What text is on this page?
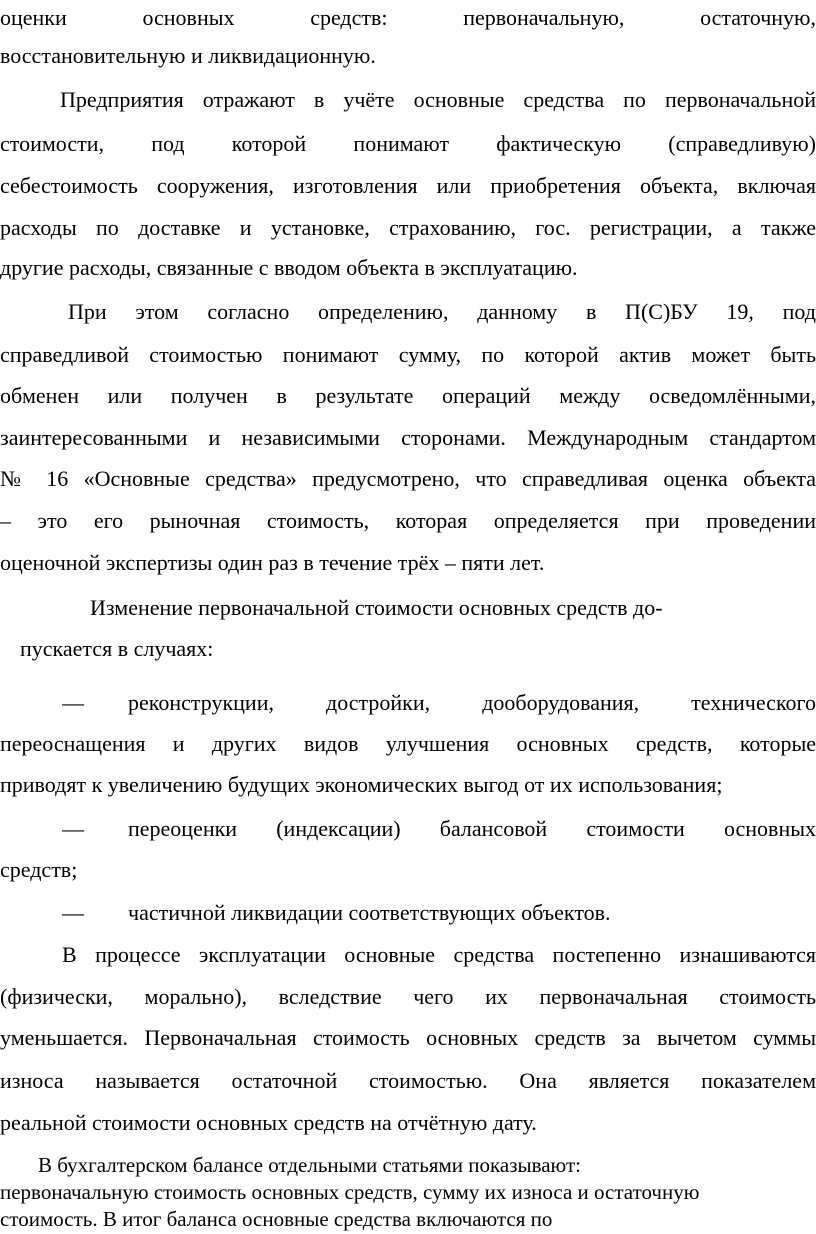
оценки основных средств: первоначальную, остаточную,
восстановительную и ликвидационную.
Предприятия отражают в учёте основные средства по первоначальной
стоимости, под которой понимают фактическую (справедливую)
себестоимость сооружения, изготовления или приобретения объекта, включая
расходы по доставке и установке, страхованию, гос. регистрации, а также
другие расходы, связанные с вводом объекта в эксплуатацию.
При этом согласно определению, данному в П(С)БУ 19, под
справедливой стоимостью понимают сумму, по которой актив может быть
обменен или получен в результате операций между осведомлёнными,
заинтересованными и независимыми сторонами. Международным стандартом
№ 16 «Основные средства» предусмотрено, что справедливая оценка объекта
– это его рыночная стоимость, которая определяется при проведении
оценочной экспертизы один раз в течение трёх – пяти лет.
Изменение первоначальной стоимости основных средств до-
пускается в случаях:
—	реконструкции, достройки, дооборудования, технического
переоснащения и других видов улучшения основных средств, которые
приводят к увеличению будущих экономических выгод от их использования;
—	переоценки (индексации) балансовой стоимости основных
средств;
—	частичной ликвидации соответствующих объектов.
В процессе эксплуатации основные средства постепенно изнашиваются
(физически, морально), вследствие чего их первоначальная стоимость
уменьшается. Первоначальная стоимость основных средств за вычетом суммы
износа называется остаточной стоимостью. Она является показателем
реальной стоимости основных средств на отчётную дату.
В бухгалтерском балансе отдельными статьями показывают:
первоначальную стоимость основных средств, сумму их износа и остаточную
стоимость. В итог баланса основные средства включаются по
